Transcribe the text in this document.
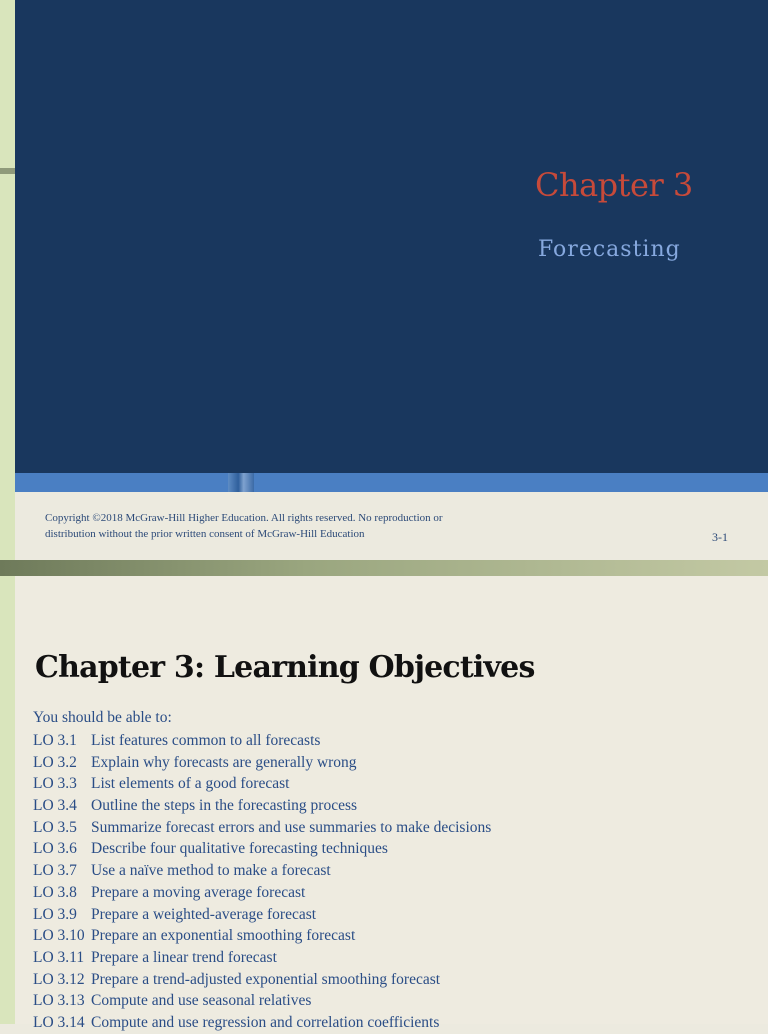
Chapter 3
Forecasting
Copyright ©2018 McGraw-Hill Higher Education. All rights reserved. No reproduction or
distribution without the prior written consent of McGraw-Hill Education	3-1
Chapter 3: Learning Objectives
You should be able to:
LO 3.1 List features common to all forecasts
LO 3.2 Explain why forecasts are generally wrong
LO 3.3 List elements of a good forecast
LO 3.4 Outline the steps in the forecasting process
LO 3.5 Summarize forecast errors and use summaries to make decisions
LO 3.6 Describe four qualitative forecasting techniques
LO 3.7 Use a naïve method to make a forecast
LO 3.8 Prepare a moving average forecast
LO 3.9 Prepare a weighted-average forecast
LO 3.10 Prepare an exponential smoothing forecast
LO 3.11 Prepare a linear trend forecast
LO 3.12 Prepare a trend-adjusted exponential smoothing forecast
LO 3.13 Compute and use seasonal relatives
LO 3.14 Compute and use regression and correlation coefficients
